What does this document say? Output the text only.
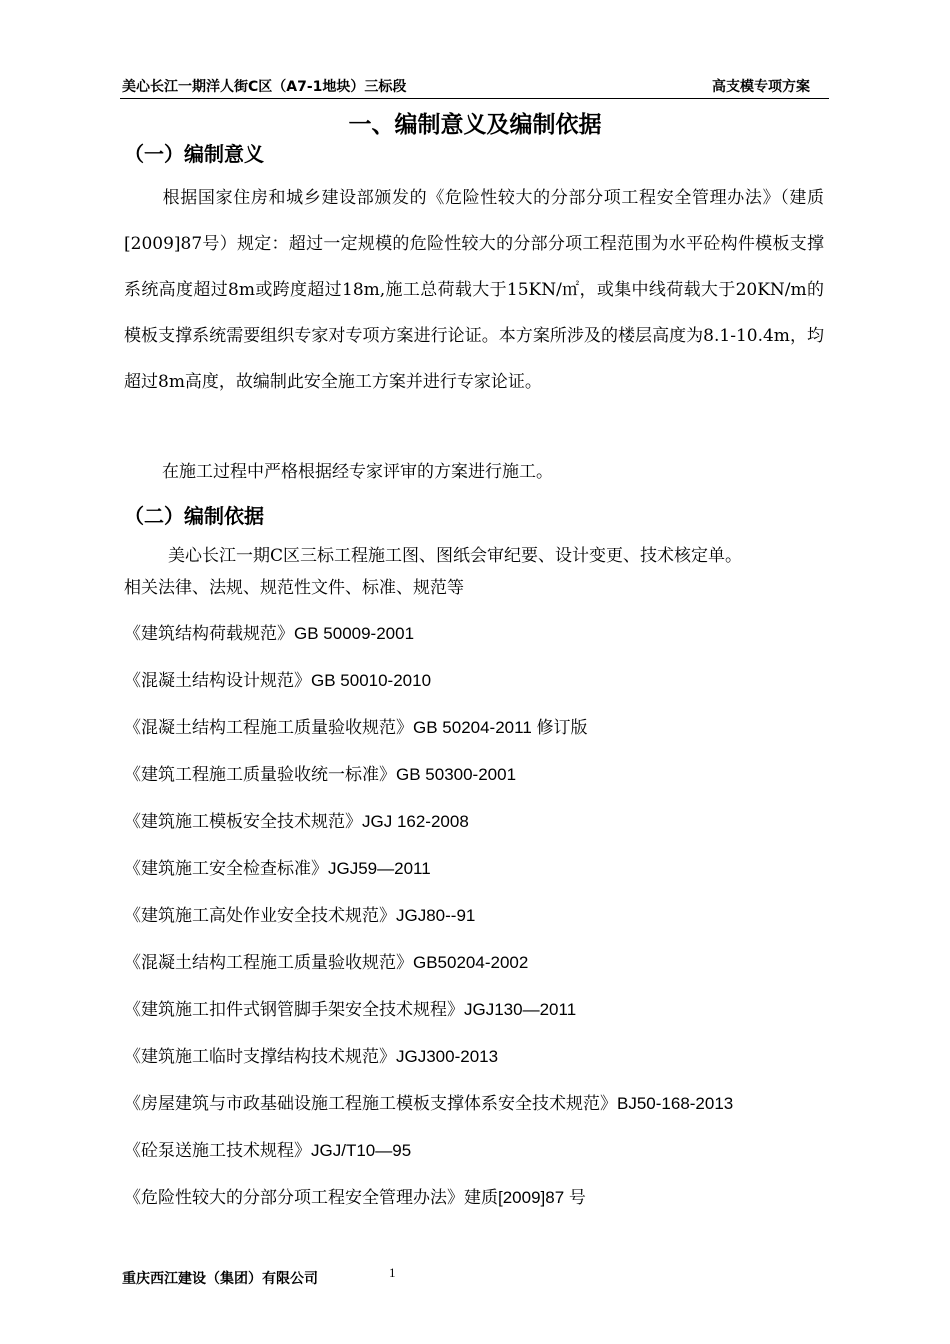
美心长江一期洋人街C区（A7-1地块）三标段	高支模专项方案
一、编制意义及编制依据
（一）编制意义
根据国家住房和城乡建设部颁发的《危险性较大的分部分项工程安全管理办法》（建质[2009]87号）规定：超过一定规模的危险性较大的分部分项工程范围为水平砼构件模板支撑系统高度超过8m或跨度超过18m,施工总荷载大于15KN/㎡，或集中线荷载大于20KN/m的模板支撑系统需要组织专家对专项方案进行论证。本方案所涉及的楼层高度为8.1-10.4m，均超过8m高度，故编制此安全施工方案并进行专家论证。
在施工过程中严格根据经专家评审的方案进行施工。
（二）编制依据
美心长江一期C区三标工程施工图、图纸会审纪要、设计变更、技术核定单。
相关法律、法规、规范性文件、标准、规范等
《建筑结构荷载规范》GB 50009-2001
《混凝土结构设计规范》GB 50010-2010
《混凝土结构工程施工质量验收规范》GB 50204-2011 修订版
《建筑工程施工质量验收统一标准》GB 50300-2001
《建筑施工模板安全技术规范》JGJ 162-2008
《建筑施工安全检查标准》JGJ59—2011
《建筑施工高处作业安全技术规范》JGJ80--91
《混凝土结构工程施工质量验收规范》GB50204-2002
《建筑施工扣件式钢管脚手架安全技术规程》JGJ130—2011
《建筑施工临时支撑结构技术规范》JGJ300-2013
《房屋建筑与市政基础设施工程施工模板支撑体系安全技术规范》BJ50-168-2013
《砼泵送施工技术规程》JGJ/T10—95
《危险性较大的分部分项工程安全管理办法》建质[2009]87 号
重庆西江建设（集团）有限公司	1
